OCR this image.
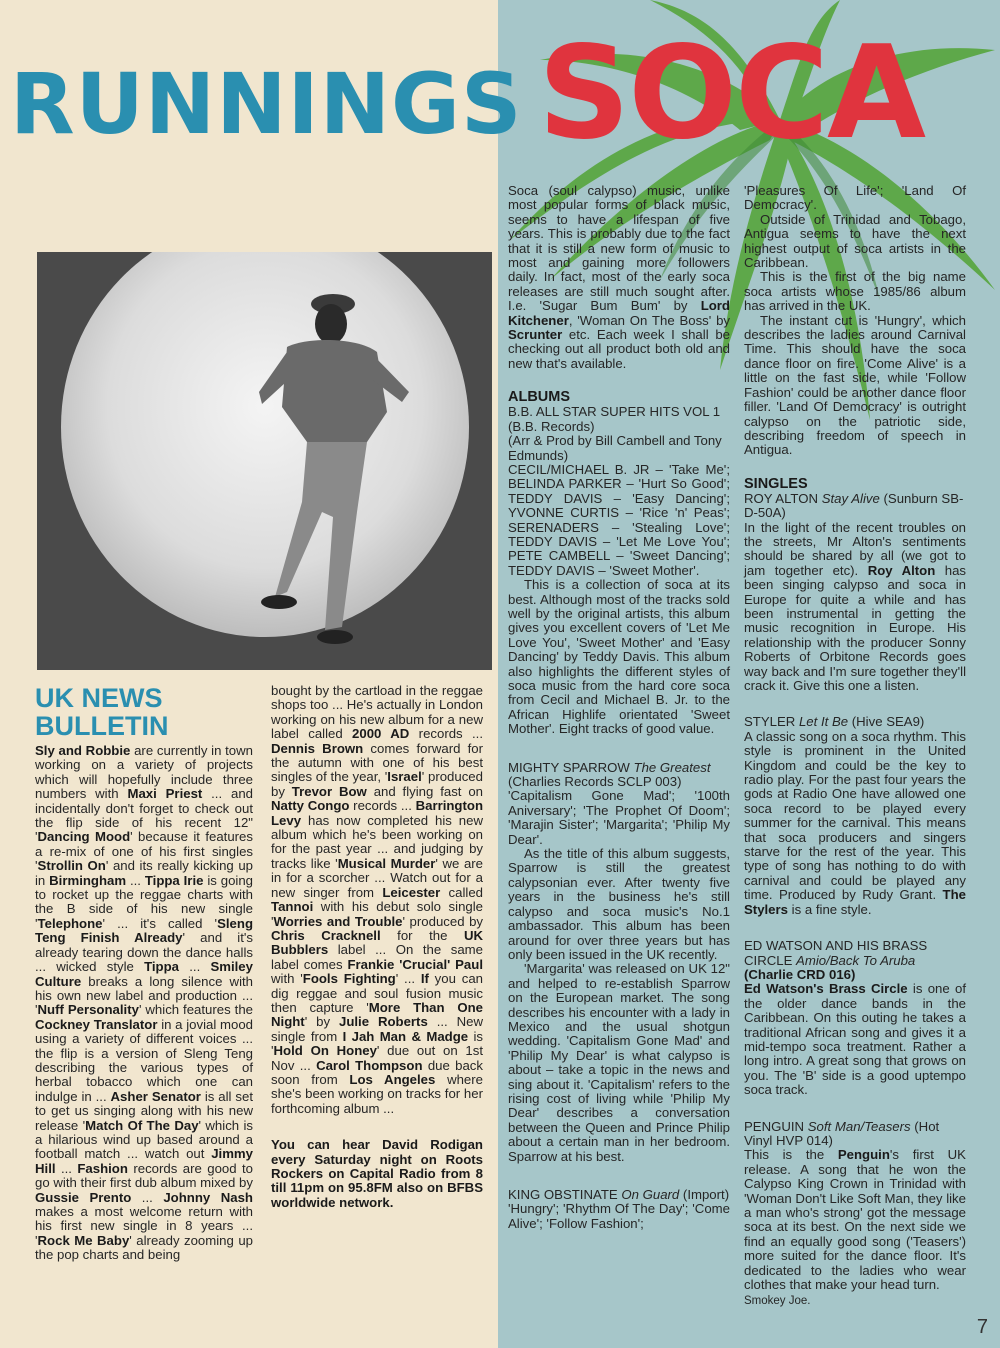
RUNNINGS SOCA
UK NEWS BULLETIN

Sly and Robbie are currently in town working on a variety of projects which will hopefully include three numbers with Maxi Priest ... and incidentally don't forget to check out the flip side of his recent 12" 'Dancing Mood' because it features a re-mix of one of his first singles 'Strollin On' and its really kicking up in Birmingham ... Tippa Irie is going to rocket up the reggae charts with the B side of his new single 'Telephone' ... it's called 'Sleng Teng Finish Already' and it's already tearing down the dance halls ... wicked style Tippa ... Smiley Culture breaks a long silence with his own new label and production ... 'Nuff Personality' which features the Cockney Translator in a jovial mood using a variety of different voices ... the flip is a version of Sleng Teng describing the various types of herbal tobacco which one can indulge in ... Asher Senator is all set to get us singing along with his new release 'Match Of The Day' which is a hilarious wind up based around a football match ... watch out Jimmy Hill ... Fashion records are good to go with their first dub album mixed by Gussie Prento ... Johnny Nash makes a most welcome return with his first new single in 8 years ... 'Rock Me Baby' already zooming up the pop charts and being

bought by the cartload in the reggae shops too ... He's actually in London working on his new album for a new label called 2000 AD records ... Dennis Brown comes forward for the autumn with one of his best singles of the year, 'Israel' produced by Trevor Bow and flying fast on Natty Congo records ... Barrington Levy has now completed his new album which he's been working on for the past year ... and judging by tracks like 'Musical Murder' we are in for a scorcher ... Watch out for a new singer from Leicester called Tannoi with his debut solo single 'Worries and Trouble' produced by Chris Cracknell for the UK Bubblers label ... On the same label comes Frankie 'Crucial' Paul with 'Fools Fighting' ... If you can dig reggae and soul fusion music then capture 'More Than One Night' by Julie Roberts ... New single from I Jah Man & Madge is 'Hold On Honey' due out on 1st Nov ... Carol Thompson due back soon from Los Angeles where she's been working on tracks for her forthcoming album ...

You can hear David Rodigan every Saturday night on Roots Rockers on Capital Radio from 8 till 11pm on 95.8FM also on BFBS worldwide network.

Soca (soul calypso) music, unlike most popular forms of black music, seems to have a lifespan of five years. This is probably due to the fact that it is still a new form of music to most and gaining more followers daily. In fact, most of the early soca releases are still much sought after. I.e. 'Sugar Bum Bum' by Lord Kitchener, 'Woman On The Boss' by Scrunter etc. Each week I shall be checking out all product both old and new that's available.

ALBUMS

B.B. ALL STAR SUPER HITS VOL 1 (B.B. Records)

(Arr & Prod by Bill Cambell and Tony Edmunds)

CECIL/MICHAEL B. JR – 'Take Me'; BELINDA PARKER – 'Hurt So Good'; TEDDY DAVIS – 'Easy Dancing'; YVONNE CURTIS – 'Rice 'n' Peas'; SERENADERS – 'Stealing Love'; TEDDY DAVIS – 'Let Me Love You'; PETE CAMBELL – 'Sweet Dancing'; TEDDY DAVIS – 'Sweet Mother'.

This is a collection of soca at its best. Although most of the tracks sold well by the original artists, this album gives you excellent covers of 'Let Me Love You', 'Sweet Mother' and 'Easy Dancing' by Teddy Davis. This album also highlights the different styles of soca music from the hard core soca from Cecil and Michael B. Jr. to the African Highlife orientated 'Sweet Mother'. Eight tracks of good value.

MIGHTY SPARROW The Greatest (Charlies Records SCLP 003)

'Capitalism Gone Mad'; '100th Aniversary'; 'The Prophet Of Doom'; 'Marajin Sister'; 'Margarita'; 'Philip My Dear'.

As the title of this album suggests, Sparrow is still the greatest calypsonian ever. After twenty five years in the business he's still calypso and soca music's No.1 ambassador. This album has been around for over three years but has only been issued in the UK recently.

'Margarita' was released on UK 12" and helped to re-establish Sparrow on the European market. The song describes his encounter with a lady in Mexico and the usual shotgun wedding. 'Capitalism Gone Mad' and 'Philip My Dear' is what calypso is about – take a topic in the news and sing about it. 'Capitalism' refers to the rising cost of living while 'Philip My Dear' describes a conversation between the Queen and Prince Philip about a certain man in her bedroom. Sparrow at his best.

KING OBSTINATE On Guard (Import)

'Hungry'; 'Rhythm Of The Day'; 'Come Alive'; 'Follow Fashion';

'Pleasures Of Life'; 'Land Of Democracy'.

Outside of Trinidad and Tobago, Antigua seems to have the next highest output of soca artists in the Caribbean.

This is the first of the big name soca artists whose 1985/86 album has arrived in the UK.

The instant cut is 'Hungry', which describes the ladies around Carnival Time. This should have the soca dance floor on fire. 'Come Alive' is a little on the fast side, while 'Follow Fashion' could be another dance floor filler. 'Land Of Democracy' is outright calypso on the patriotic side, describing freedom of speech in Antigua.

SINGLES

ROY ALTON Stay Alive (Sunburn SB-D-50A)

In the light of the recent troubles on the streets, Mr Alton's sentiments should be shared by all (we got to jam together etc). Roy Alton has been singing calypso and soca in Europe for quite a while and has been instrumental in getting the music recognition in Europe. His relationship with the producer Sonny Roberts of Orbitone Records goes way back and I'm sure together they'll crack it. Give this one a listen.

STYLER Let It Be (Hive SEA9)

A classic song on a soca rhythm. This style is prominent in the United Kingdom and could be the key to radio play. For the past four years the gods at Radio One have allowed one soca record to be played every summer for the carnival. This means that soca producers and singers starve for the rest of the year. This type of song has nothing to do with carnival and could be played any time. Produced by Rudy Grant. The Stylers is a fine style.

ED WATSON AND HIS BRASS CIRCLE Amio/Back To Aruba (Charlie CRD 016)

Ed Watson's Brass Circle is one of the older dance bands in the Caribbean. On this outing he takes a traditional African song and gives it a mid-tempo soca treatment. Rather a long intro. A great song that grows on you. The 'B' side is a good uptempo soca track.

PENGUIN Soft Man/Teasers (Hot Vinyl HVP 014)

This is the Penguin's first UK release. A song that he won the Calypso King Crown in Trinidad with 'Woman Don't Like Soft Man, they like a man who's strong' got the message soca at its best. On the next side we find an equally good song ('Teasers') more suited for the dance floor. It's dedicated to the ladies who wear clothes that make your head turn.

Smokey Joe.

7
